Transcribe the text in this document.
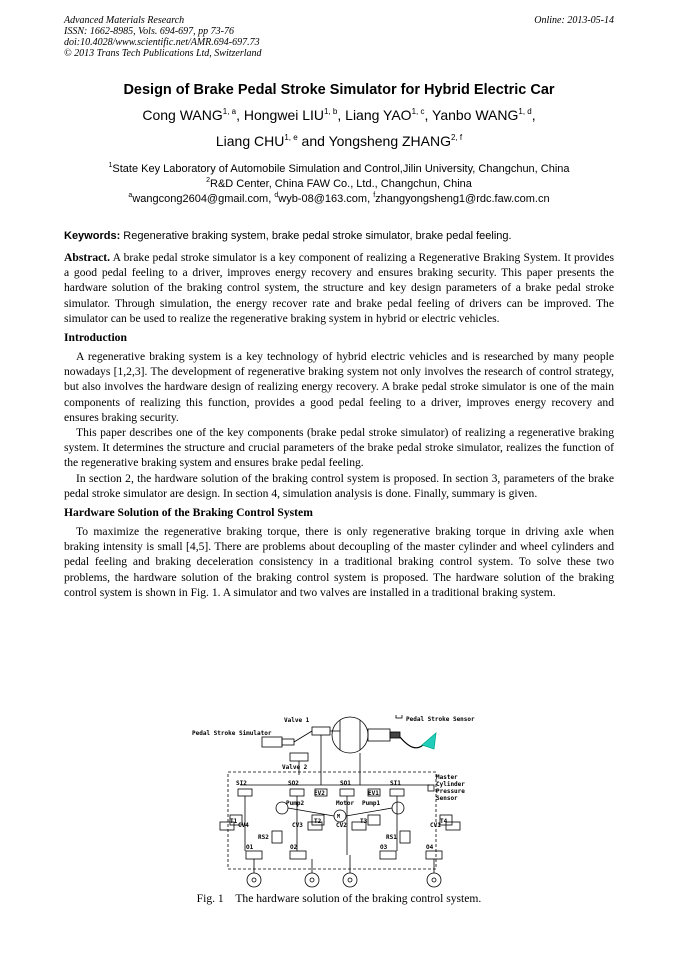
Advanced Materials Research
ISSN: 1662-8985, Vols. 694-697, pp 73-76
doi:10.4028/www.scientific.net/AMR.694-697.73
© 2013 Trans Tech Publications Ltd, Switzerland
Online: 2013-05-14
Design of Brake Pedal Stroke Simulator for Hybrid Electric Car
Cong WANG$^{1, a}$, Hongwei LIU$^{1, b}$, Liang YAO$^{1, c}$, Yanbo WANG$^{1, d}$,
Liang CHU$^{1, e}$ and Yongsheng ZHANG$^{2, f}$
$^1$State Key Laboratory of Automobile Simulation and Control,Jilin University, Changchun, China
$^2$R&D Center, China FAW Co., Ltd., Changchun, China
$^a$wangcong2604@gmail.com, $^d$wyb-08@163.com, $^f$zhangyongsheng1@rdc.faw.com.cn
Keywords: Regenerative braking system, brake pedal stroke simulator, brake pedal feeling.

Abstract. A brake pedal stroke simulator is a key component of realizing a Regenerative Braking System. It provides a good pedal feeling to a driver, improves energy recovery and ensures braking security. This paper presents the hardware solution of the braking control system, the structure and key design parameters of a brake pedal stroke simulator. Through simulation, the energy recover rate and brake pedal feeling of drivers can be improved. The simulator can be used to realize the regenerative braking system in hybrid or electric vehicles.

Introduction

A regenerative braking system is a key technology of hybrid electric vehicles and is researched by many people nowadays [1,2,3]. The development of regenerative braking system not only involves the research of control strategy, but also involves the hardware design of realizing energy recovery. A brake pedal stroke simulator is one of the main components of realizing this function, provides a good pedal feeling to a driver, improves energy recovery and ensures braking security.

This paper describes one of the key components (brake pedal stroke simulator) of realizing a regenerative braking system. It determines the structure and crucial parameters of the brake pedal stroke simulator, realizes the function of the regenerative braking system and ensures brake pedal feeling.

In section 2, the hardware solution of the braking control system is proposed. In section 3, parameters of the brake pedal stroke simulator are design. In section 4, simulation analysis is done. Finally, summary is given.

Hardware Solution of the Braking Control System

To maximize the regenerative braking torque, there is only regenerative braking torque in driving axle when braking intensity is small [4,5]. There are problems about decoupling of the master cylinder and wheel cylinders and pedal feeling and braking deceleration consistency in a traditional braking control system. To solve these two problems, the hardware solution of the braking control system is proposed. The hardware solution of the braking control system is shown in Fig. 1. A simulator and two valves are installed in a traditional braking system.

Valve 1
Pedal Stroke Simulator
Pedal Stroke Sensor
Valve 2
Master
Cylinder
Pressure
Sensor
SI2	SO2	SO1	SI1
EV2	EV1
Pump2	Motor Pump1
M
CV4	CV3	CV2	CV1
T1	T2	T3	T4
RS2	RS1
O1	O2	O3	O4
Fig. 1 The hardware solution of the braking control system.
